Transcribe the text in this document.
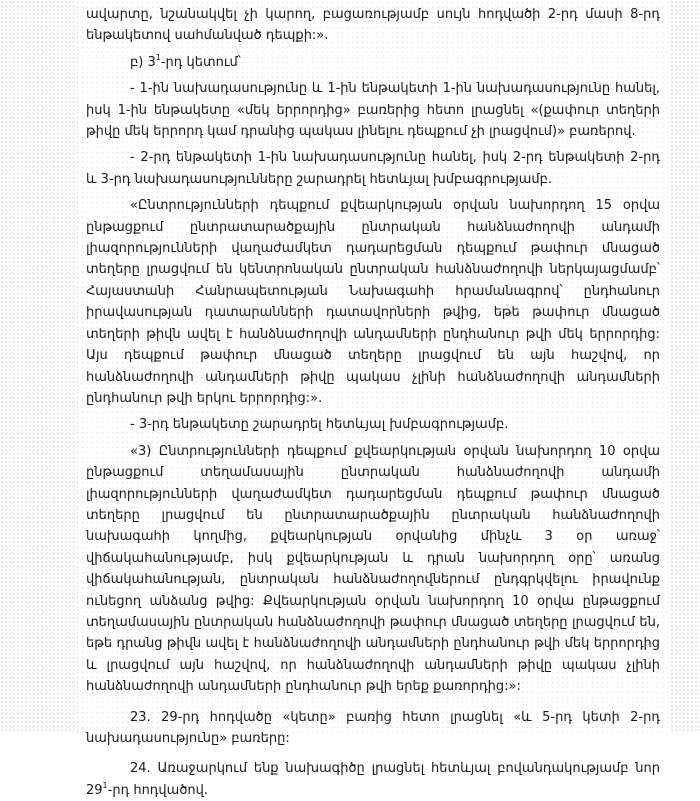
ավարտը, նշանակվել չի կարող, բացառությամբ սույն հոդվածի 2-րդ մասի 8-րդ ենթակետով սահմանված դեպքի:».

բ) $3^1-րդ$ կետում՝

- 1-ին նախադասությունը և 1-ին ենթակետի 1-ին նախադասությունը հանել, իսկ 1-ին ենթակետը «մեկ երրորդից» բառերից հետո լրացնել «(քափուր տեղերի թիվը մեկ երրորդ կամ դրանից պակաս լինելու դեպքում չի լրացվում)» բառերով.

- 2-րդ ենթակետի 1-ին նախադասությունը հանել, իսկ 2-րդ ենթակետի 2-րդ և 3-րդ նախադասությունները շարադրել հետևյալ խմբագրությամբ.

«Ընտրությունների դեպքում քվեարկության օրվան նախորդող 15 օրվա ընթացքում ընտրատարածքային ընտրական հանձնաժողովի անդամի լիազորությունների վաղաժամկետ դադարեցման դեպքում թափուր մնացած տեղերը լրացվում են կենտրոնական ընտրական հանձնաժողովի ներկայացմամբ՝ Հայաստանի Հանրապետության Նախագահի հրամանագրով՝ ընդհանուր իրավասության դատարանների դատավորների թվից, եթե թափուր մնացած տեղերի թիվն ավել է հանձնաժողովի անդամների ընդհանուր թվի մեկ երրորդից: Այս դեպքում թափուր մնացած տեղերը լրացվում են այն հաշվով, որ հանձնաժողովի անդամների թիվը պակաս չլինի հանձնաժողովի անդամների ընդհանուր թվի երկու երրորդից:».

- 3-րդ ենթակետը շարադրել հետևյալ խմբագրությամբ.

«3) Ընտրությունների դեպքում քվեարկության օրվան նախորդող 10 օրվա ընթացքում տեղամասային ընտրական հանձնաժողովի անդամի լիազորությունների վաղաժամկետ դադարեցման դեպքում թափուր մնացած տեղերը լրացվում են ընտրատարածքային ընտրական հանձնաժողովի նախագահի կողմից, քվեարկության օրվանից մինչև 3 օր առաջ՝ վիճակահանությամբ, իսկ քվեարկության և դրան նախորդող օրը՝ առանց վիճակահանության, ընտրական հանձնաժողովներում ընդգրկվելու իրավունք ունեցող անձանց թվից: Քվեարկության օրվան նախորդող 10 օրվա ընթացքում տեղամասային ընտրական հանձնաժողովի թափուր մնացած տեղերը լրացվում են, եթե դրանց թիվն ավել է հանձնաժողովի անդամների ընդհանուր թվի մեկ երրորդից և լրացվում այն հաշվով, որ հանձնաժողովի անդամների թիվը պակաս չլինի հանձնաժողովի անդամների ընդհանուր թվի երեք քառորդից:»:

23. 29-րդ հոդվածը «կետը» բառից հետո լրացնել «և 5-րդ կետի 2-րդ նախադասությունը» բառերը:

24. Առաջարկում ենք նախագիծը լրացնել հետևյալ բովանդակությամբ նոր $29^1-րդ$ հոդվածով.
